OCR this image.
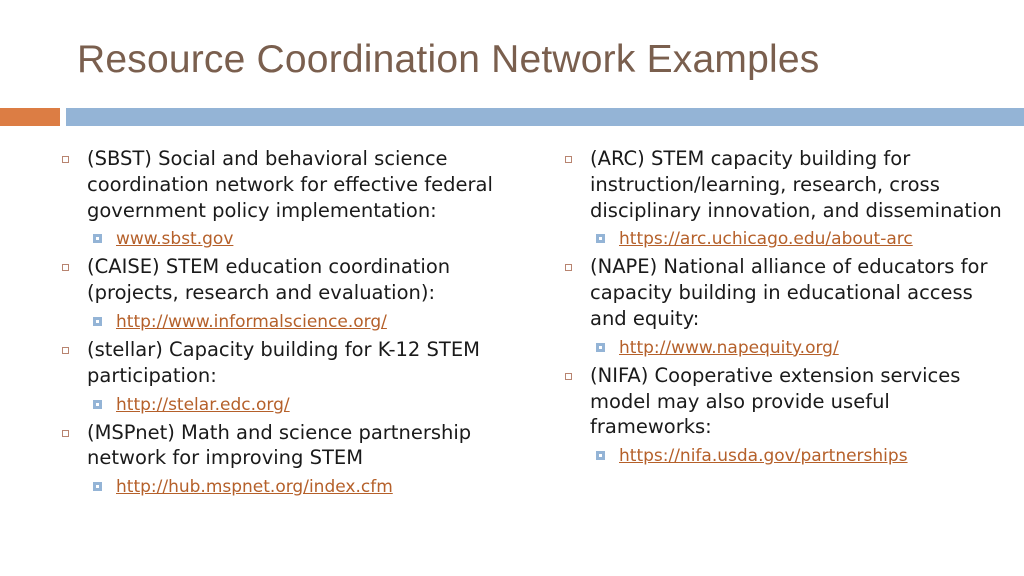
Resource Coordination Network Examples
(SBST) Social and behavioral science coordination network for effective federal government policy implementation:
www.sbst.gov
(CAISE) STEM education coordination (projects, research and evaluation):
http://www.informalscience.org/
(stellar) Capacity building for K-12 STEM participation:
http://stelar.edc.org/
(MSPnet) Math and science partnership network for improving STEM
http://hub.mspnet.org/index.cfm
(ARC) STEM capacity building for instruction/learning, research, cross disciplinary innovation, and dissemination
https://arc.uchicago.edu/about-arc
(NAPE) National alliance of educators for capacity building in educational access and equity:
http://www.napequity.org/
(NIFA) Cooperative extension services model may also provide useful frameworks:
https://nifa.usda.gov/partnerships
